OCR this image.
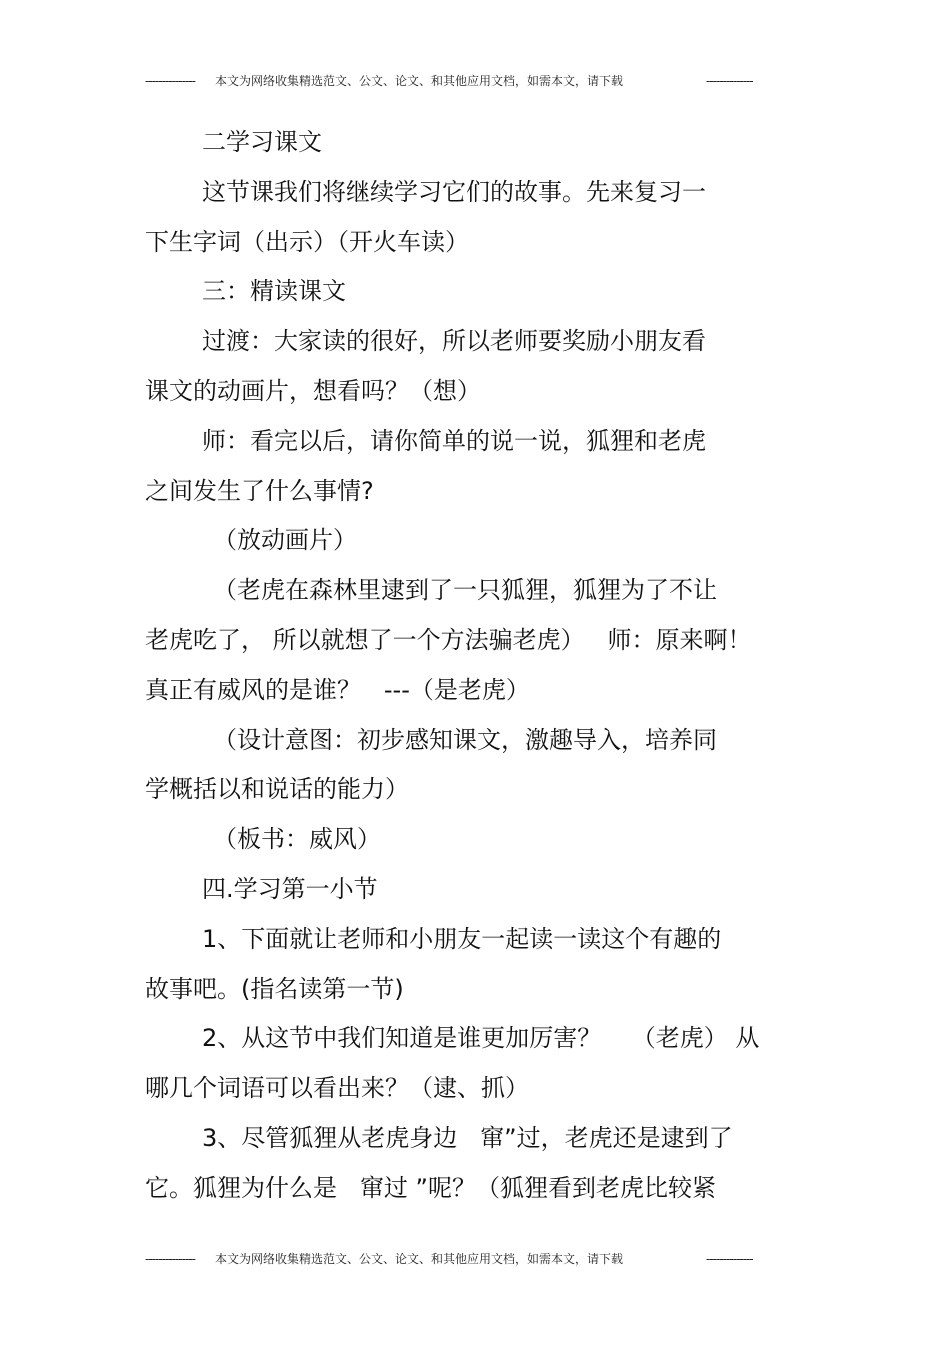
--------------- 本文为网络收集精选范文、公文、论文、和其他应用文档，如需本文，请下载	--------------
二学习课文
这节课我们将继续学习它们的故事。先来复习一
下生字词（出示）（开火车读）
三：精读课文
过渡：大家读的很好，所以老师要奖励小朋友看
课文的动画片，想看吗？（想）
师：看完以后，请你简单的说一说，狐狸和老虎
之间发生了什么事情?
（放动画片）
（老虎在森林里逮到了一只狐狸，狐狸为了不让
老虎吃了， 所以就想了一个方法骗老虎）   师：原来啊！
真正有威风的是谁？   ---（是老虎）
（设计意图：初步感知课文，激趣导入，培养同
学概括以和说话的能力）
（板书：威风）
四.学习第一小节
1、下面就让老师和小朋友一起读一读这个有趣的
故事吧。(指名读第一节)
2、从这节中我们知道是谁更加厉害？    （老虎） 从
哪几个词语可以看出来？（逮、抓）
3、尽管狐狸从老虎身边   窜”过，老虎还是逮到了
它。狐狸为什么是   窜过 ”呢？（狐狸看到老虎比较紧
--------------- 本文为网络收集精选范文、公文、论文、和其他应用文档，如需本文，请下载	--------------
